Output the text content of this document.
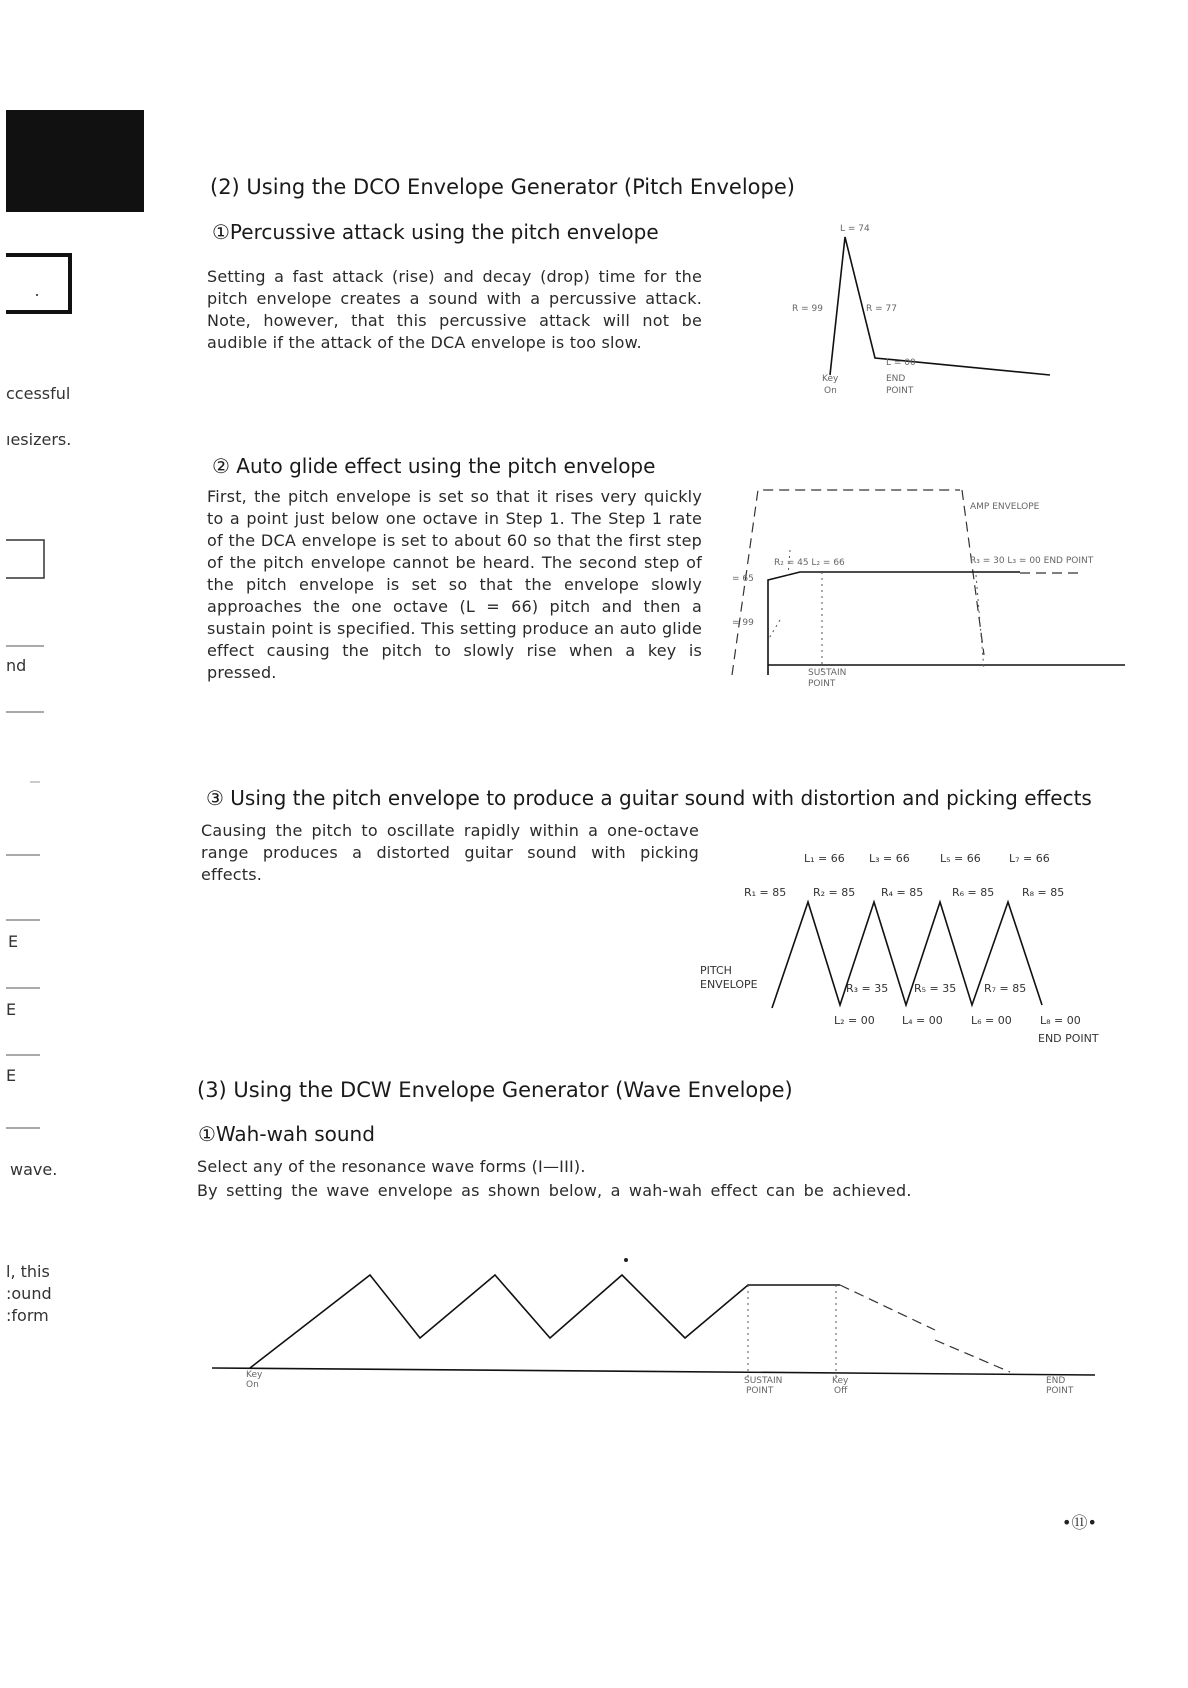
ccessful
ıesizers.
nd
E
E
E
wave.
l, this
:ound
:form
(2) Using the DCO Envelope Generator (Pitch Envelope)
①Percussive attack using the pitch envelope
Setting a fast attack (rise) and decay (drop) time for the pitch envelope creates a sound with a percussive attack. Note, however, that this percussive attack will not be audible if the attack of the DCA envelope is too slow.
L = 74
R = 99	R = 77
L = 00
Key
On
END
POINT
② Auto glide effect using the pitch envelope
First, the pitch envelope is set so that it rises very quickly to a point just below one octave in Step 1. The Step 1 rate of the DCA envelope is set to about 60 so that the first step of the pitch envelope cannot be heard. The second step of the pitch envelope is set so that the envelope slowly approaches the one octave (L = 66) pitch and then a sustain point is specified. This setting produce an auto glide effect causing the pitch to slowly rise when a key is pressed.
AMP ENVELOPE
R₂ = 45 L₂ = 66	R₃ = 30 L₃ = 00 END POINT
= 65
= 99
SUSTAIN
POINT
③ Using the pitch envelope to produce a guitar sound with distortion and picking effects
Causing the pitch to oscillate rapidly within a one-octave range produces a distorted guitar sound with picking effects.
L₁ = 66 L₃ = 66	L₅ = 66	L₇ = 66
R₁ = 85 R₂ = 85 R₄ = 85	R₆ = 85	R₈ = 85
R₃ = 35 R₅ = 35	R₇ = 85
L₂ = 00 L₄ = 00	L₆ = 00	L₈ = 00
PITCH
ENVELOPE
END POINT
(3) Using the DCW Envelope Generator (Wave Envelope)
①Wah-wah sound
Select any of the resonance wave forms (I—III).
By setting the wave envelope as shown below, a wah-wah effect can be achieved.
Key
On	SUSTAIN
POINT
Key
Off
END
POINT
•⑪•
